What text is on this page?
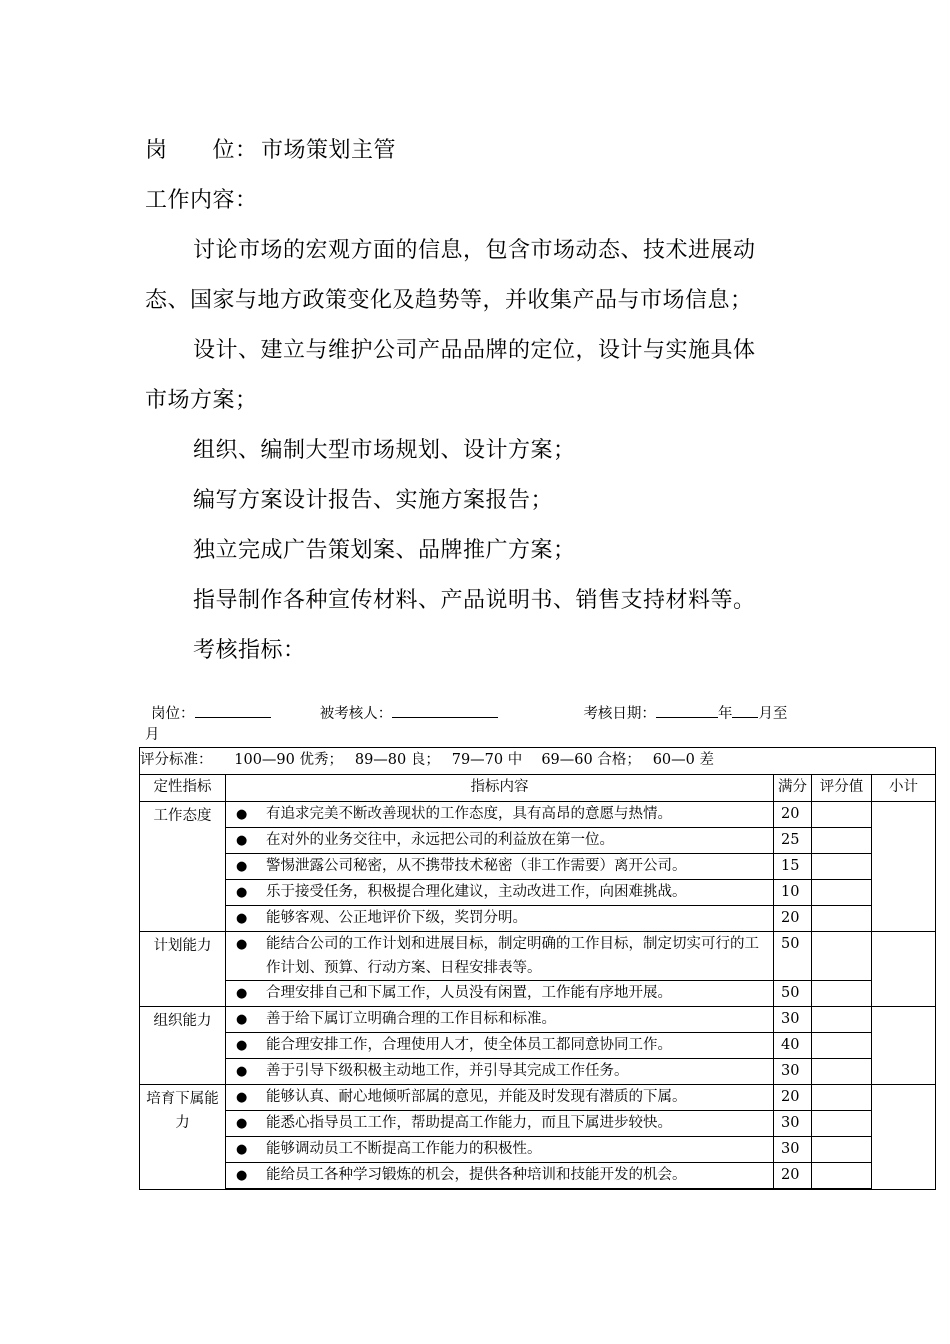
岗　　位： 市场策划主管
工作内容：
讨论市场的宏观方面的信息，包含市场动态、技术进展动
态、国家与地方政策变化及趋势等，并收集产品与市场信息；
设计、建立与维护公司产品品牌的定位，设计与实施具体
市场方案；
组织、编制大型市场规划、设计方案；
编写方案设计报告、实施方案报告；
独立完成广告策划案、品牌推广方案；
指导制作各种宣传材料、产品说明书、销售支持材料等。
考核指标：
岗位：	被考核人：	考核日期：	年 月至
月
评分标准：　　100—90 优秀；　 89—80 良；　 79—70 中　 69—60 合格；　 60—0 差				
定性指标	指标内容	满分	评分值	小计
工作态度	● 有追求完美不断改善现状的工作态度，具有高昂的意愿与热情。	20		
	● 在对外的业务交往中，永远把公司的利益放在第一位。	25		
	● 警惕泄露公司秘密，从不携带技术秘密（非工作需要）离开公司。	15		
	● 乐于接受任务，积极提合理化建议，主动改进工作，向困难挑战。	10		
	● 能够客观、公正地评价下级，奖罚分明。	20		
计划能力	● 能结合公司的工作计划和进展目标，制定明确的工作目标，制定切实可行的工作计划、预算、行动方案、日程安排表等。	50		
	● 合理安排自己和下属工作，人员没有闲置，工作能有序地开展。	50		
组织能力	● 善于给下属订立明确合理的工作目标和标准。	30		
	● 能合理安排工作，合理使用人才，使全体员工都同意协同工作。	40		
	● 善于引导下级积极主动地工作，并引导其完成工作任务。	30		
培育下属能力	● 能够认真、耐心地倾听部属的意见，并能及时发现有潜质的下属。	20		
	● 能悉心指导员工工作，帮助提高工作能力，而且下属进步较快。	30		
	● 能够调动员工不断提高工作能力的积极性。	30		
	● 能给员工各种学习锻炼的机会，提供各种培训和技能开发的机会。	20		
